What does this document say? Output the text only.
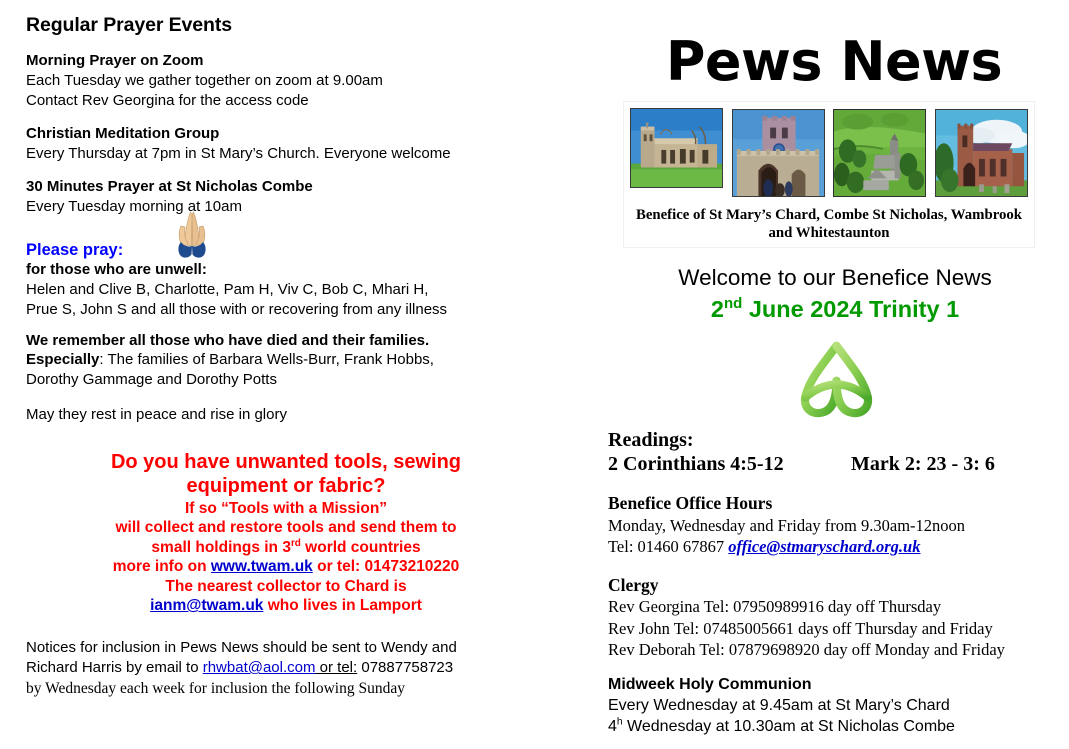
Regular Prayer Events
Morning Prayer on Zoom
Each Tuesday we gather together on zoom at 9.00am
Contact Rev Georgina for the access code
Christian Meditation Group
Every Thursday at 7pm in St Mary’s Church. Everyone welcome
30 Minutes Prayer at St Nicholas Combe
Every Tuesday morning at 10am
Please pray:
for those who are unwell:
Helen and Clive B, Charlotte, Pam H, Viv C, Bob C, Mhari H,
Prue S, John S and all those with or recovering from any illness
We remember all those who have died and their families.
Especially: The families of Barbara Wells-Burr, Frank Hobbs,
Dorothy Gammage and Dorothy Potts
May they rest in peace and rise in glory
Do you have unwanted tools, sewing
equipment or fabric?
If so “Tools with a Mission”
will collect and restore tools and send them to
small holdings in 3rd world countries
more info on www.twam.uk or tel: 01473210220
The nearest collector to Chard is
ianm@twam.uk who lives in Lamport
Notices for inclusion in Pews News should be sent to Wendy and
Richard Harris by email to rhwbat@aol.com or tel: 07887758723
by Wednesday each week for inclusion the following Sunday
Pews News
Benefice of St Mary’s Chard, Combe St Nicholas, Wambrook
and Whitestaunton
Welcome to our Benefice News
2nd June 2024 Trinity 1
Readings:
2 Corinthians 4:5-12	Mark 2: 23 - 3: 6
Benefice Office Hours
Monday, Wednesday and Friday from 9.30am-12noon
Tel: 01460 67867 office@stmaryschard.org.uk
Clergy
Rev Georgina Tel: 07950989916 day off Thursday
Rev John Tel: 07485005661 days off Thursday and Friday
Rev Deborah Tel: 07879698920 day off Monday and Friday
Midweek Holy Communion
Every Wednesday at 9.45am at St Mary’s Chard
4$^h$ Wednesday at 10.30am at St Nicholas Combe
